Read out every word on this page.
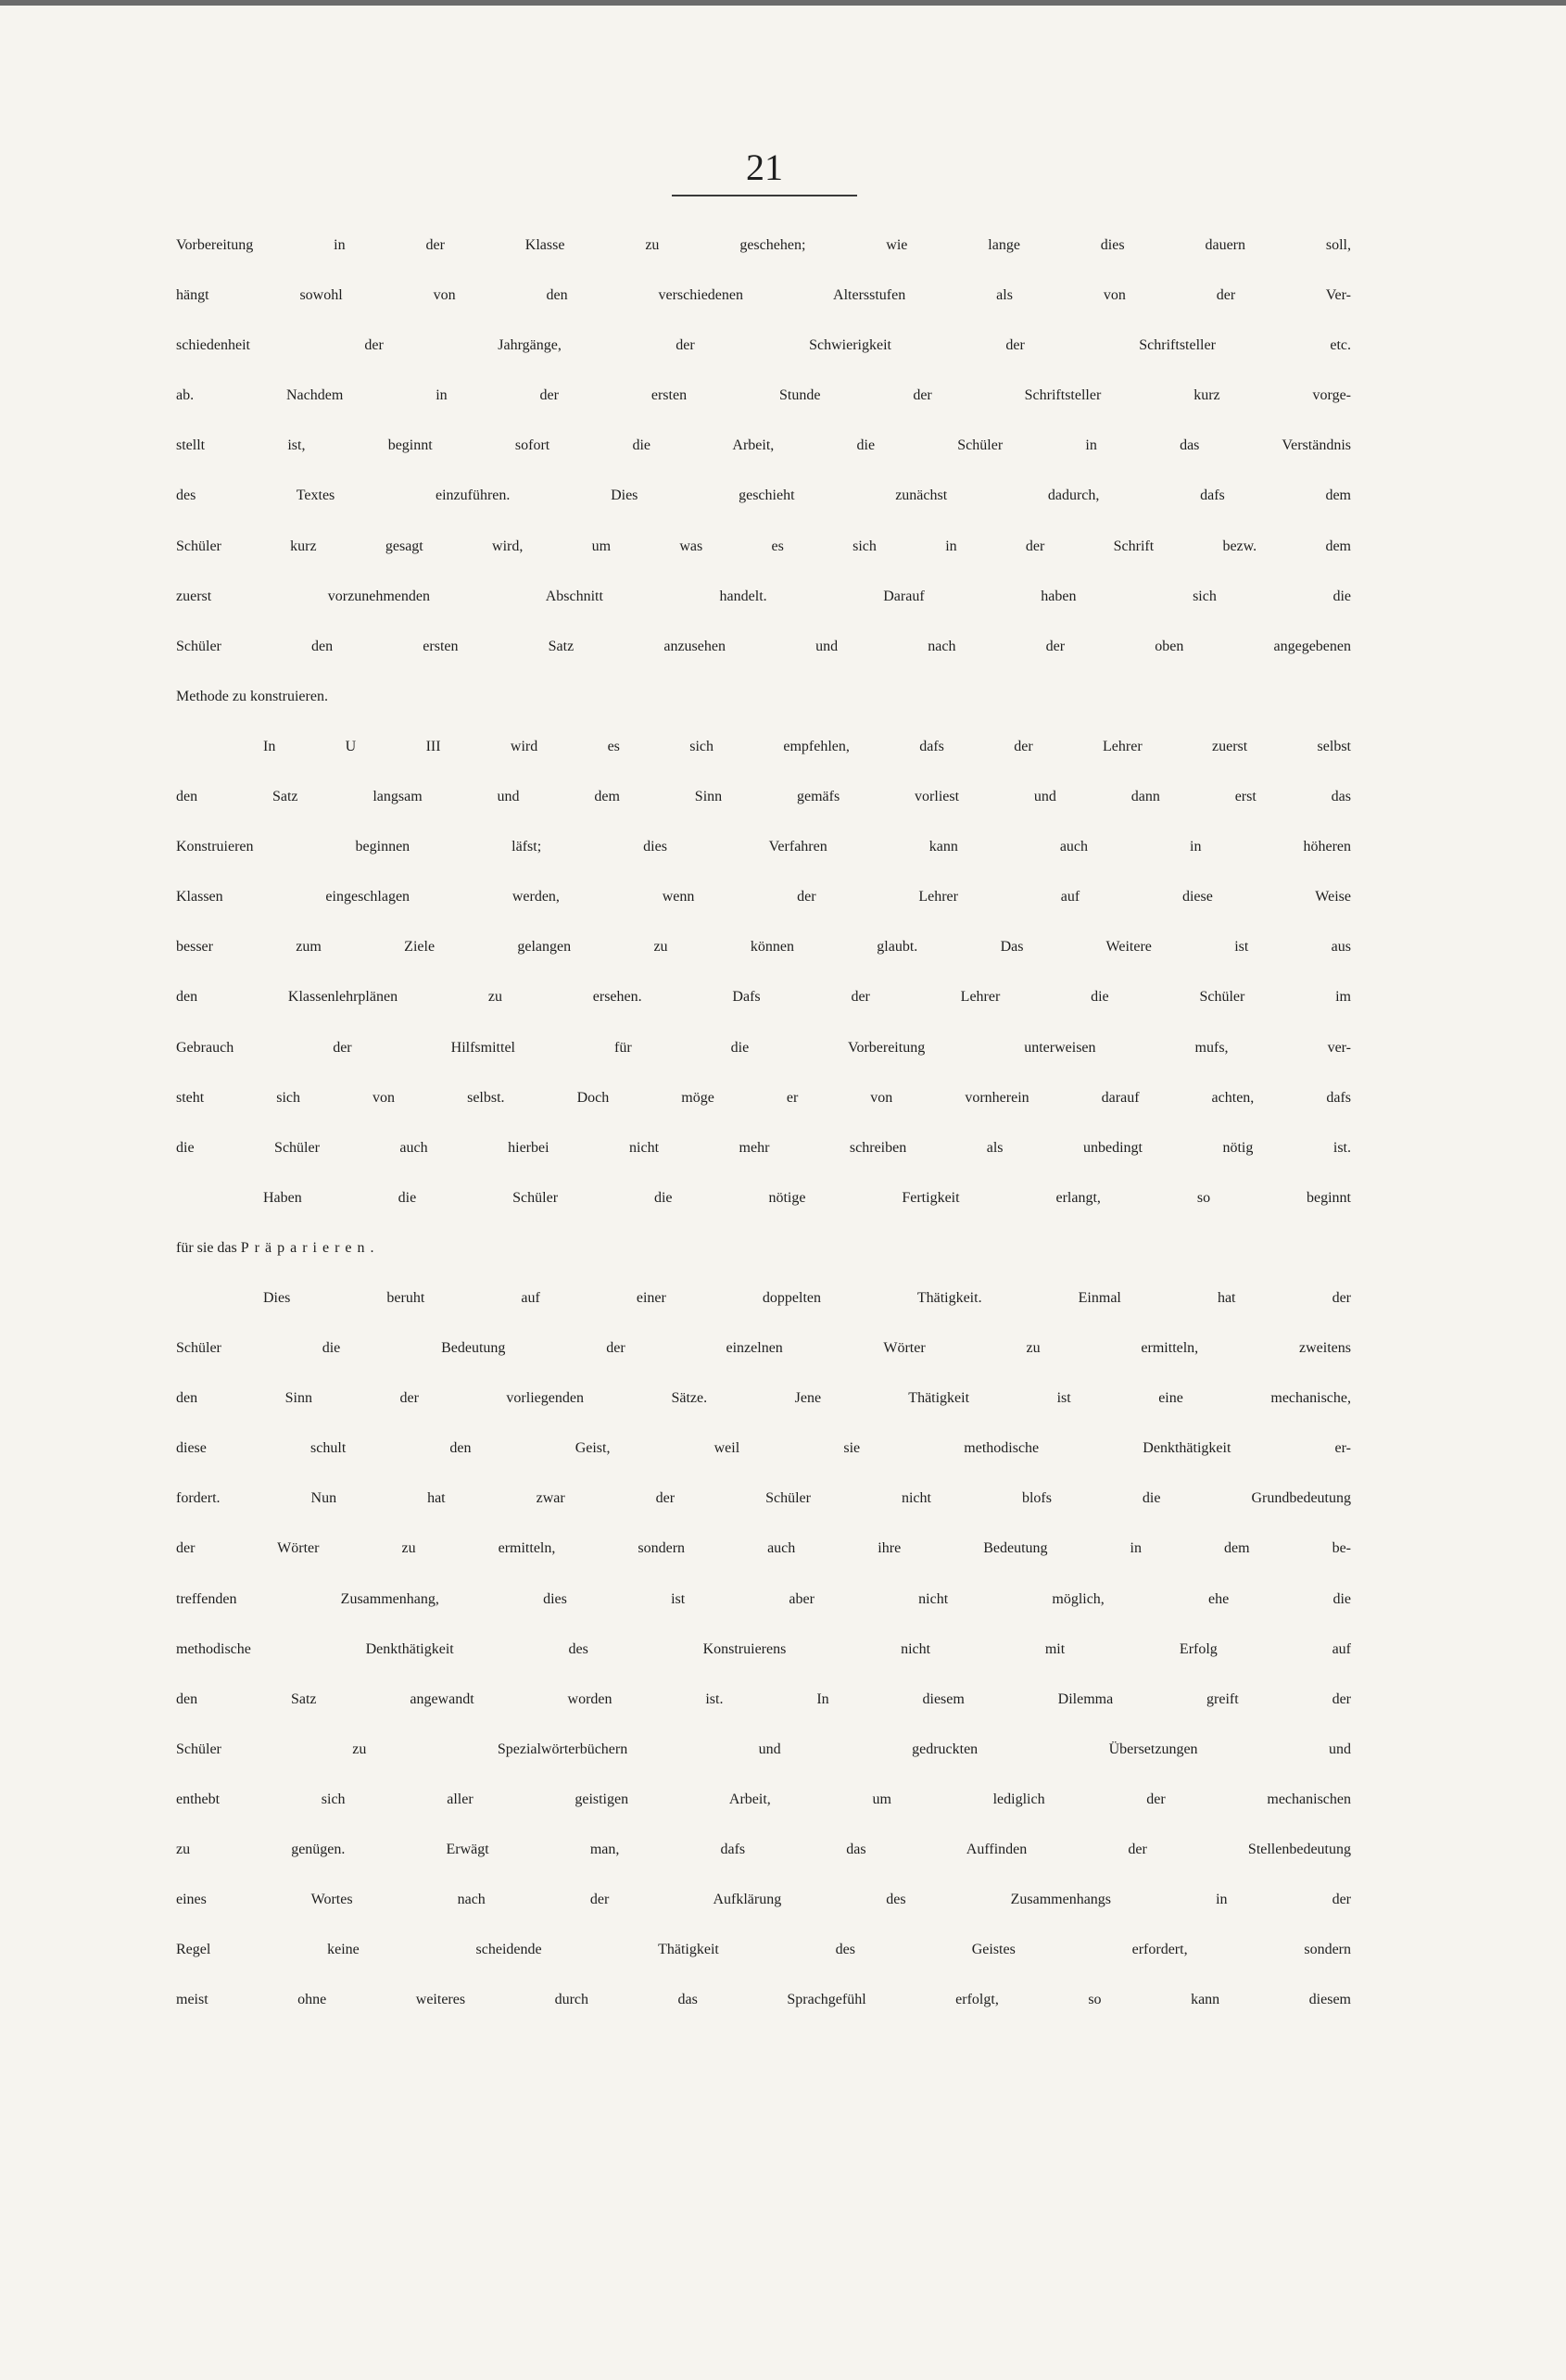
21
Vorbereitung in der Klasse zu geschehen; wie lange dies dauern soll,
hängt sowohl von den verschiedenen Altersstufen als von der Ver-
schiedenheit der Jahrgänge, der Schwierigkeit der Schriftsteller etc.
ab. Nachdem in der ersten Stunde der Schriftsteller kurz vorge-
stellt ist, beginnt sofort die Arbeit, die Schüler in das Verständnis
des Textes einzuführen. Dies geschieht zunächst dadurch, dafs dem
Schüler kurz gesagt wird, um was es sich in der Schrift bezw. dem
zuerst vorzunehmenden Abschnitt handelt. Darauf haben sich die
Schüler den ersten Satz anzusehen und nach der oben angegebenen
Methode zu konstruieren.
In U III wird es sich empfehlen, dafs der Lehrer zuerst selbst
den Satz langsam und dem Sinn gemäfs vorliest und dann erst das
Konstruieren beginnen läfst; dies Verfahren kann auch in höheren
Klassen eingeschlagen werden, wenn der Lehrer auf diese Weise
besser zum Ziele gelangen zu können glaubt. Das Weitere ist aus
den Klassenlehrplänen zu ersehen. Dafs der Lehrer die Schüler im
Gebrauch der Hilfsmittel für die Vorbereitung unterweisen mufs, ver-
steht sich von selbst. Doch möge er von vornherein darauf achten, dafs
die Schüler auch hierbei nicht mehr schreiben als unbedingt nötig ist.
Haben die Schüler die nötige Fertigkeit erlangt, so beginnt
für sie das Präparieren.
Dies beruht auf einer doppelten Thätigkeit. Einmal hat der
Schüler die Bedeutung der einzelnen Wörter zu ermitteln, zweitens
den Sinn der vorliegenden Sätze. Jene Thätigkeit ist eine mechanische,
diese schult den Geist, weil sie methodische Denkthätigkeit er-
fordert. Nun hat zwar der Schüler nicht blofs die Grundbedeutung
der Wörter zu ermitteln, sondern auch ihre Bedeutung in dem be-
treffenden Zusammenhang, dies ist aber nicht möglich, ehe die
methodische Denkthätigkeit des Konstruierens nicht mit Erfolg auf
den Satz angewandt worden ist. In diesem Dilemma greift der
Schüler zu Spezialwörterbüchern und gedruckten Übersetzungen und
enthebt sich aller geistigen Arbeit, um lediglich der mechanischen
zu genügen. Erwägt man, dafs das Auffinden der Stellenbedeutung
eines Wortes nach der Aufklärung des Zusammenhangs in der
Regel keine scheidende Thätigkeit des Geistes erfordert, sondern
meist ohne weiteres durch das Sprachgefühl erfolgt, so kann diesem
